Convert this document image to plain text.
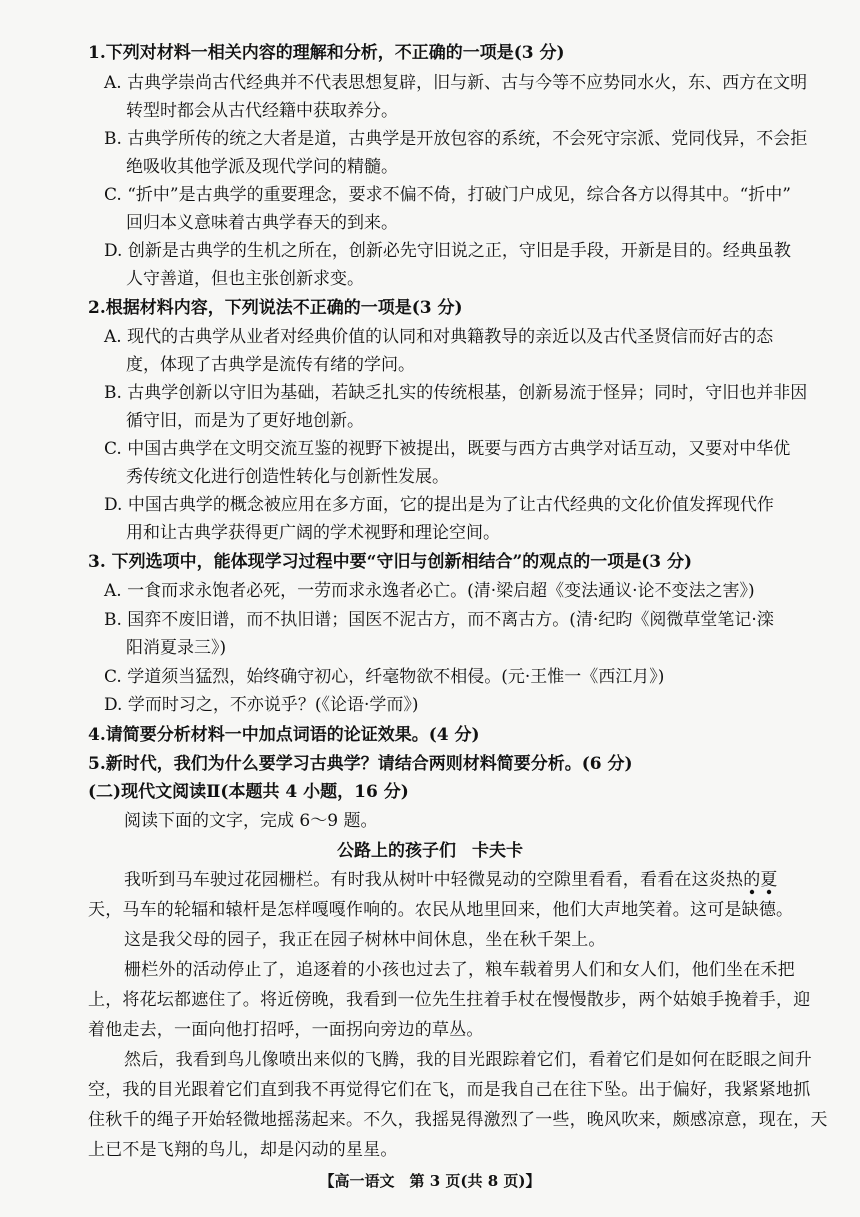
1.下列对材料一相关内容的理解和分析，不正确的一项是(3 分)
A. 古典学崇尚古代经典并不代表思想复辟，旧与新、古与今等不应势同水火，东、西方在文明
转型时都会从古代经籍中获取养分。
B. 古典学所传的统之大者是道，古典学是开放包容的系统，不会死守宗派、党同伐异，不会拒
绝吸收其他学派及现代学问的精髓。
C. “折中”是古典学的重要理念，要求不偏不倚，打破门户成见，综合各方以得其中。“折中”
回归本义意味着古典学春天的到来。
D. 创新是古典学的生机之所在，创新必先守旧说之正，守旧是手段，开新是目的。经典虽教
人守善道，但也主张创新求变。
2.根据材料内容，下列说法不正确的一项是(3 分)
A. 现代的古典学从业者对经典价值的认同和对典籍教导的亲近以及古代圣贤信而好古的态
度，体现了古典学是流传有绪的学问。
B. 古典学创新以守旧为基础，若缺乏扎实的传统根基，创新易流于怪异；同时，守旧也并非因
循守旧，而是为了更好地创新。
C. 中国古典学在文明交流互鉴的视野下被提出，既要与西方古典学对话互动，又要对中华优
秀传统文化进行创造性转化与创新性发展。
D. 中国古典学的概念被应用在多方面，它的提出是为了让古代经典的文化价值发挥现代作
用和让古典学获得更广阔的学术视野和理论空间。
3. 下列选项中，能体现学习过程中要“守旧与创新相结合”的观点的一项是(3 分)
A. 一食而求永饱者必死，一劳而求永逸者必亡。(清·梁启超《变法通议·论不变法之害》)
B. 国弈不废旧谱，而不执旧谱；国医不泥古方，而不离古方。(清·纪昀《阅微草堂笔记·滦
阳消夏录三》)
C. 学道须当猛烈，始终确守初心，纤毫物欲不相侵。(元·王惟一《西江月》)
D. 学而时习之，不亦说乎？(《论语·学而》)
4.请简要分析材料一中加点词语的论证效果。(4 分)
5.新时代，我们为什么要学习古典学？请结合两则材料简要分析。(6 分)
(二)现代文阅读Ⅱ(本题共 4 小题，16 分)
阅读下面的文字，完成 6～9 题。
公路上的孩子们 卡夫卡
我听到马车驶过花园栅栏。有时我从树叶中轻微晃动的空隙里看看，看看在这炎热的夏
天，马车的轮辐和辕杆是怎样嘎嘎作响的。农民从地里回来，他们大声地笑着。这可是缺
德
。
这是我父母的园子，我正在园子树林中间休息，坐在秋千架上。
栅栏外的活动停止了，追逐着的小孩也过去了，粮车载着男人们和女人们，他们坐在禾把
上，将花坛都遮住了。将近傍晚，我看到一位先生拄着手杖在慢慢散步，两个姑娘手挽着手，迎
着他走去，一面向他打招呼，一面拐向旁边的草丛。
然后，我看到鸟儿像喷出来似的飞腾，我的目光跟踪着它们，看着它们是如何在眨眼之间升
空，我的目光跟着它们直到我不再觉得它们在飞，而是我自己在往下坠。出于偏好，我紧紧地抓
住秋千的绳子开始轻微地摇荡起来。不久，我摇晃得激烈了一些，晚风吹来，颇感凉意，现在，天
上已不是飞翔的鸟儿，却是闪动的星星。
【高一语文　第 3 页(共 8 页)】
